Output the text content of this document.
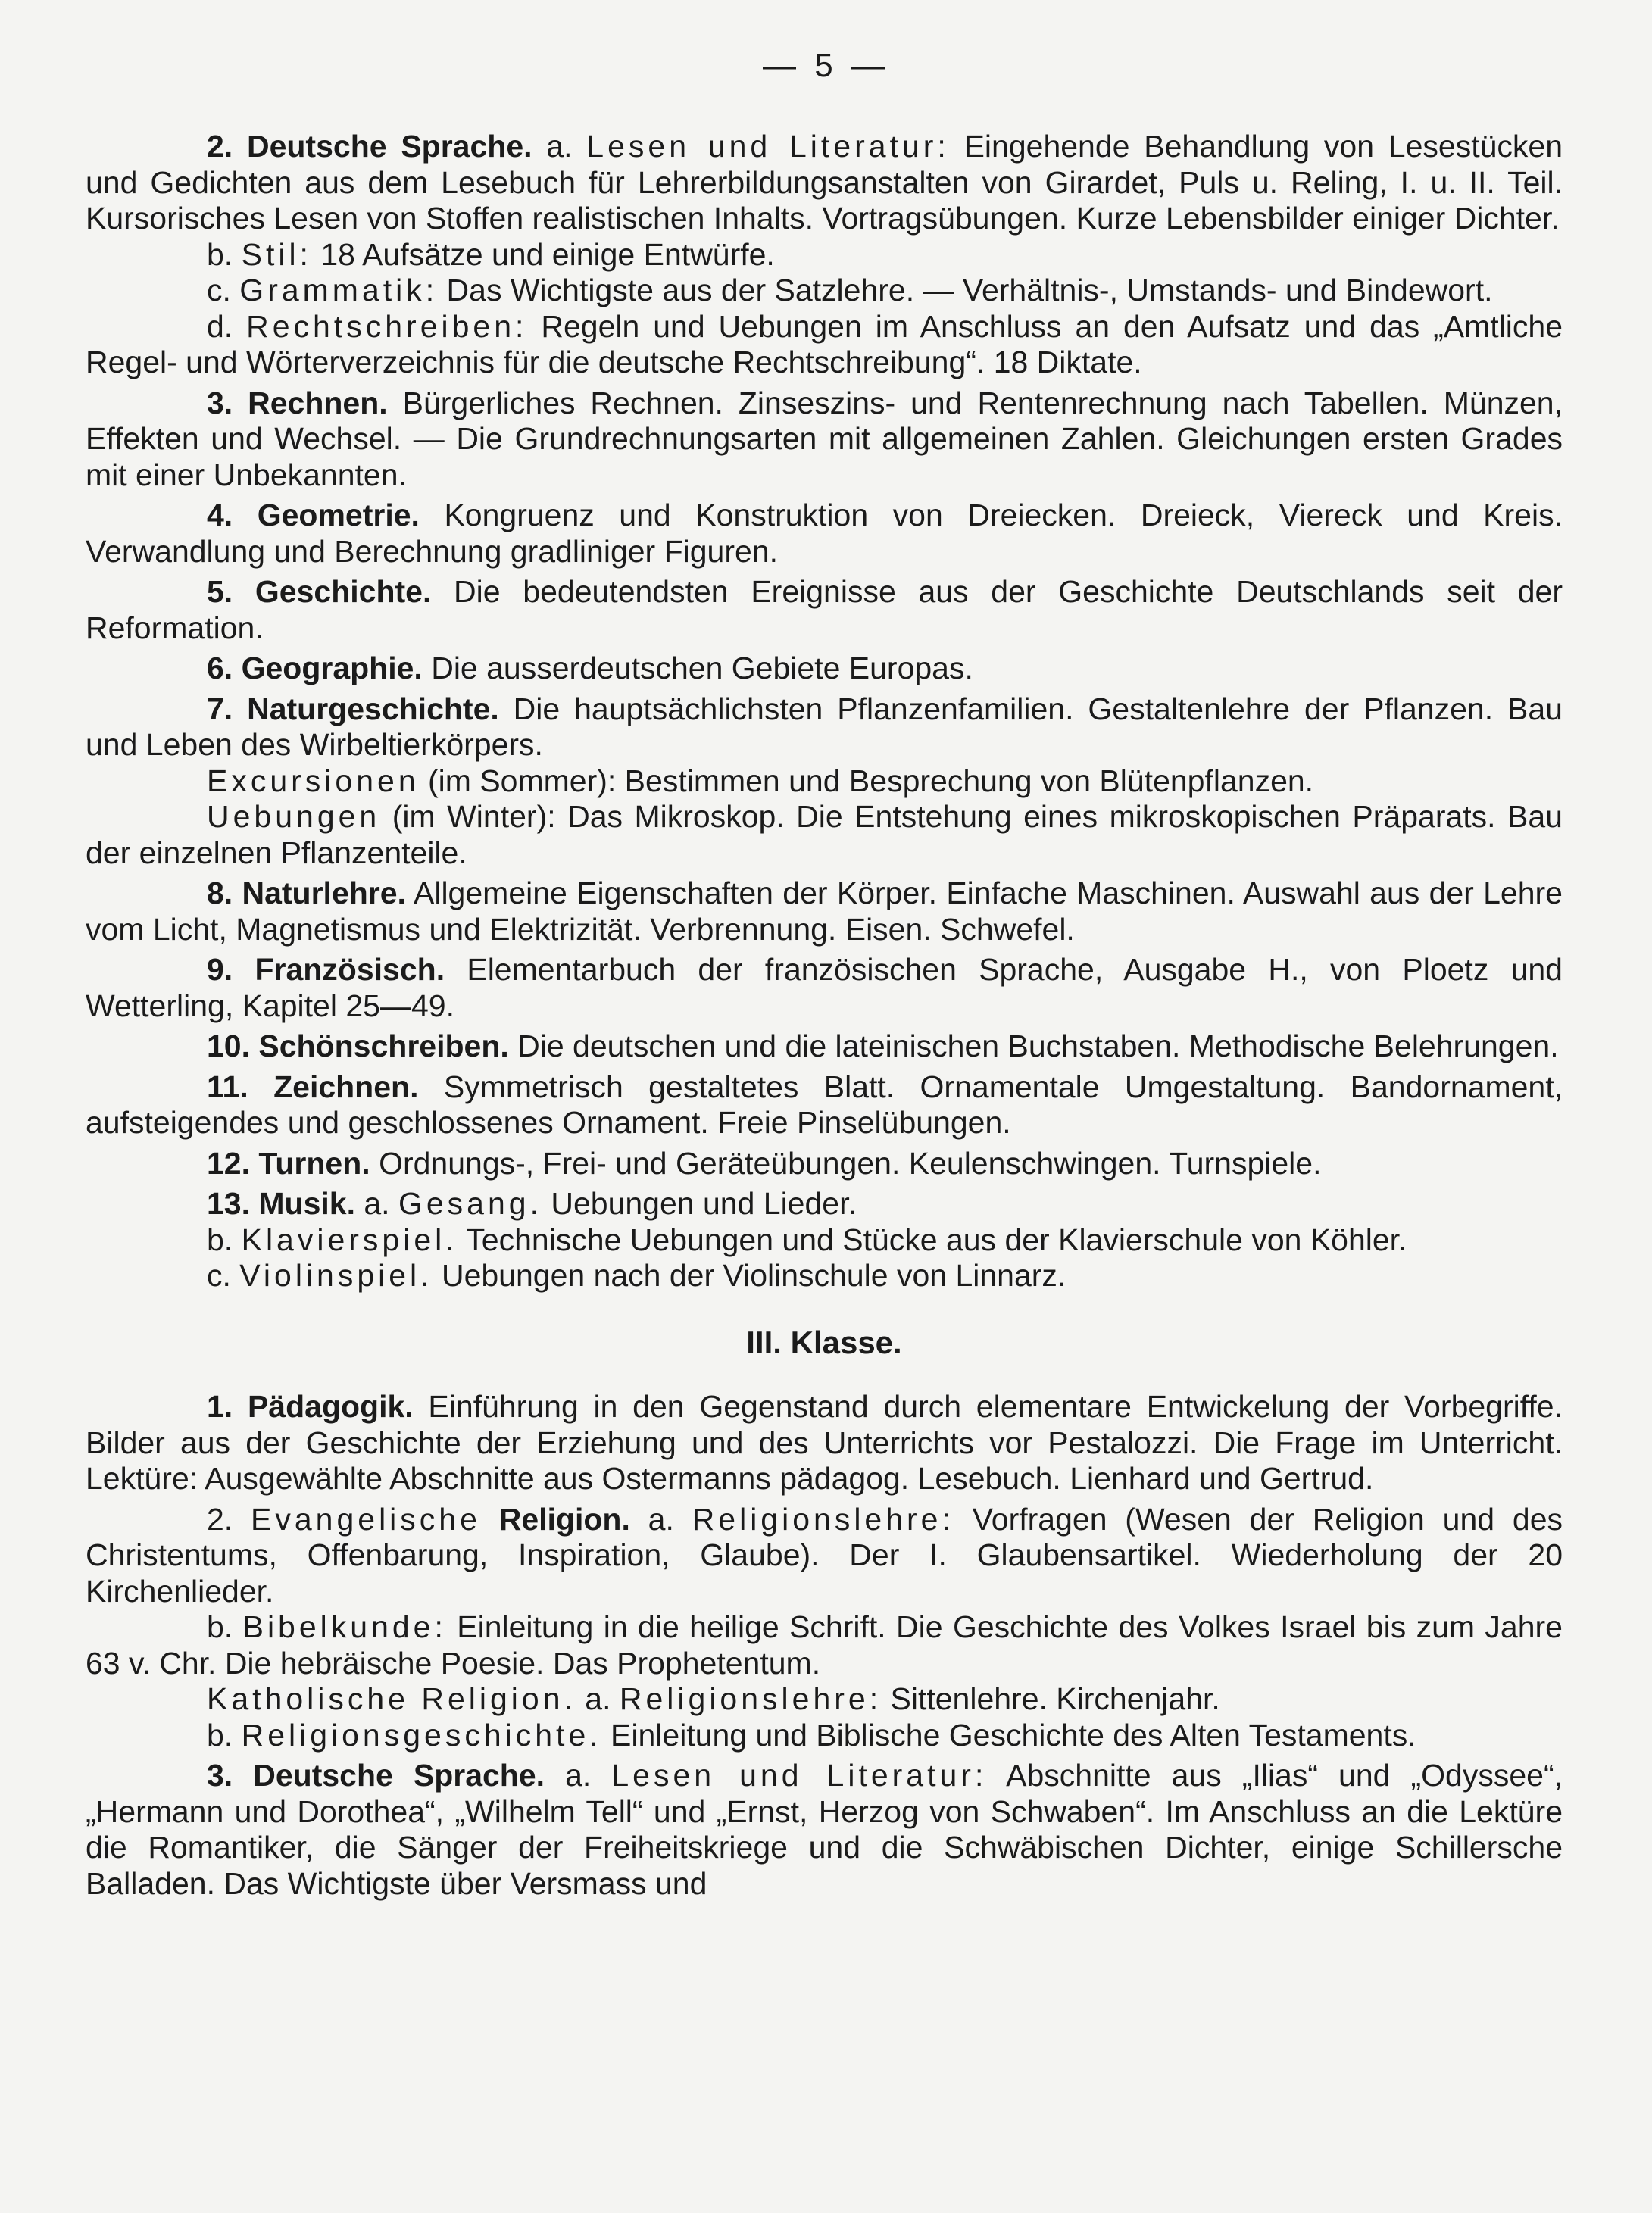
— 5 —

2. Deutsche Sprache. a. Lesen und Literatur: Eingehende Behandlung von Lesestücken und Gedichten aus dem Lesebuch für Lehrerbildungsanstalten von Girardet, Puls u. Reling, I. u. II. Teil. Kursorisches Lesen von Stoffen realistischen Inhalts. Vortragsübungen. Kurze Lebensbilder einiger Dichter.

b. Stil: 18 Aufsätze und einige Entwürfe.

c. Grammatik: Das Wichtigste aus der Satzlehre. — Verhältnis-, Umstands- und Bindewort.

d. Rechtschreiben: Regeln und Uebungen im Anschluss an den Aufsatz und das „Amtliche Regel- und Wörterverzeichnis für die deutsche Rechtschreibung“. 18 Diktate.

3. Rechnen. Bürgerliches Rechnen. Zinseszins- und Rentenrechnung nach Tabellen. Münzen, Effekten und Wechsel. — Die Grundrechnungsarten mit allgemeinen Zahlen. Gleichungen ersten Grades mit einer Unbekannten.

4. Geometrie. Kongruenz und Konstruktion von Dreiecken. Dreieck, Viereck und Kreis. Verwandlung und Berechnung gradliniger Figuren.

5. Geschichte. Die bedeutendsten Ereignisse aus der Geschichte Deutschlands seit der Reformation.

6. Geographie. Die ausserdeutschen Gebiete Europas.

7. Naturgeschichte. Die hauptsächlichsten Pflanzenfamilien. Gestaltenlehre der Pflanzen. Bau und Leben des Wirbeltierkörpers.

Excursionen (im Sommer): Bestimmen und Besprechung von Blütenpflanzen.

Uebungen (im Winter): Das Mikroskop. Die Entstehung eines mikroskopischen Präparats. Bau der einzelnen Pflanzenteile.

8. Naturlehre. Allgemeine Eigenschaften der Körper. Einfache Maschinen. Auswahl aus der Lehre vom Licht, Magnetismus und Elektrizität. Verbrennung. Eisen. Schwefel.

9. Französisch. Elementarbuch der französischen Sprache, Ausgabe H., von Ploetz und Wetterling, Kapitel 25—49.

10. Schönschreiben. Die deutschen und die lateinischen Buchstaben. Methodische Belehrungen.

11. Zeichnen. Symmetrisch gestaltetes Blatt. Ornamentale Umgestaltung. Bandornament, aufsteigendes und geschlossenes Ornament. Freie Pinselübungen.

12. Turnen. Ordnungs-, Frei- und Geräteübungen. Keulenschwingen. Turnspiele.

13. Musik. a. Gesang. Uebungen und Lieder.

b. Klavierspiel. Technische Uebungen und Stücke aus der Klavierschule von Köhler.

c. Violinspiel. Uebungen nach der Violinschule von Linnarz.

III. Klasse.

1. Pädagogik. Einführung in den Gegenstand durch elementare Entwickelung der Vorbegriffe. Bilder aus der Geschichte der Erziehung und des Unterrichts vor Pestalozzi. Die Frage im Unterricht. Lektüre: Ausgewählte Abschnitte aus Ostermanns pädagog. Lesebuch. Lienhard und Gertrud.

2. Evangelische Religion. a. Religionslehre: Vorfragen (Wesen der Religion und des Christentums, Offenbarung, Inspiration, Glaube). Der I. Glaubensartikel. Wiederholung der 20 Kirchenlieder.

b. Bibelkunde: Einleitung in die heilige Schrift. Die Geschichte des Volkes Israel bis zum Jahre 63 v. Chr. Die hebräische Poesie. Das Prophetentum.

Katholische Religion. a. Religionslehre: Sittenlehre. Kirchenjahr.

b. Religionsgeschichte. Einleitung und Biblische Geschichte des Alten Testaments.

3. Deutsche Sprache. a. Lesen und Literatur: Abschnitte aus „Ilias“ und „Odyssee“, „Hermann und Dorothea“, „Wilhelm Tell“ und „Ernst, Herzog von Schwaben“. Im Anschluss an die Lektüre die Romantiker, die Sänger der Freiheitskriege und die Schwäbischen Dichter, einige Schillersche Balladen. Das Wichtigste über Versmass und
